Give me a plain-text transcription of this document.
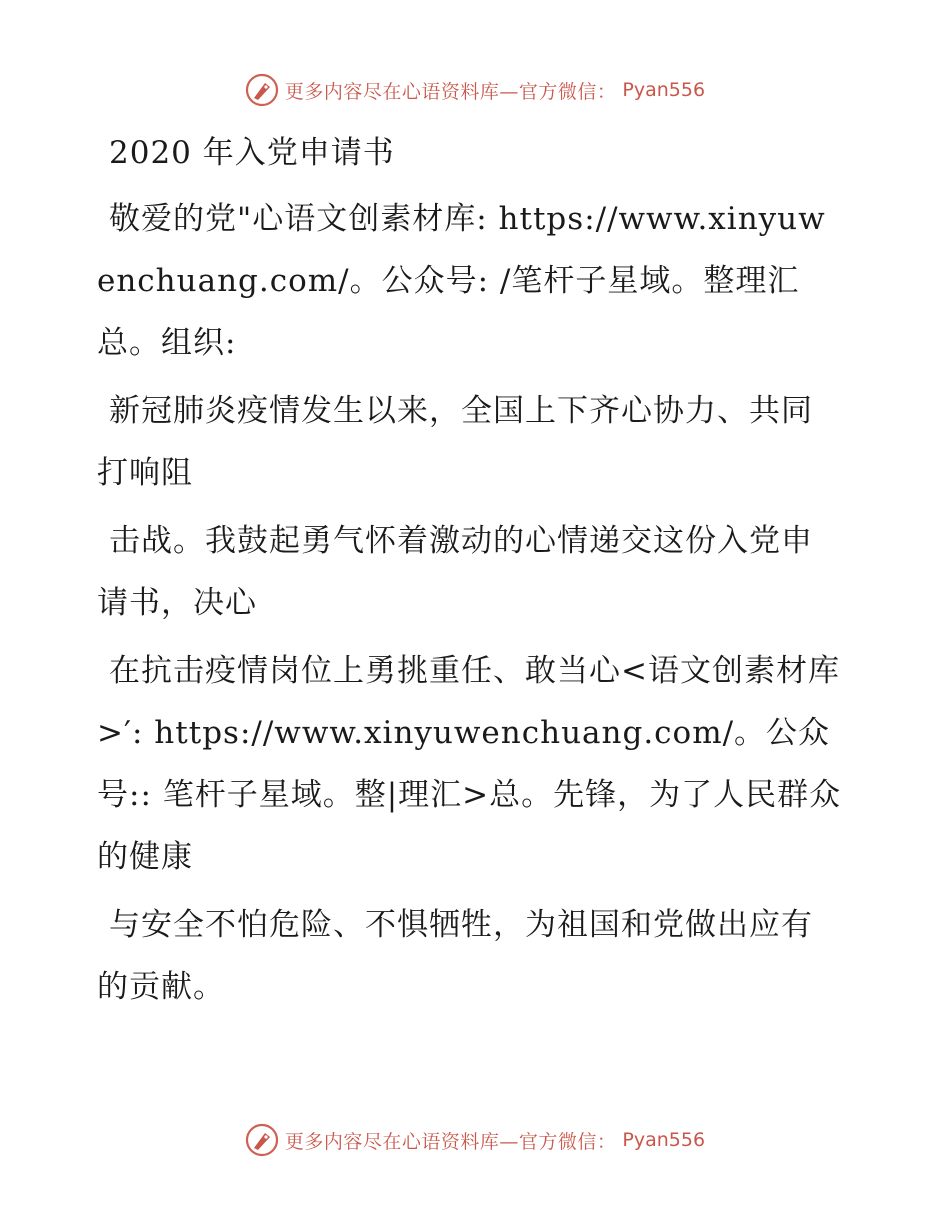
更多内容尽在心语资料库—官方微信： Pyan556

2020 年入党申请书

敬爱的党"心语文创素材库: https://www.xinyuwenchuang.com/。公众号: /笔杆子星域。整理汇总。组织:

新冠肺炎疫情发生以来，全国上下齐心协力、共同打响阻

击战。我鼓起勇气怀着激动的心情递交这份入党申请书，决心

在抗击疫情岗位上勇挑重任、敢当心<语文创素材库>′: https://www.xinyuwenchuang.com/。公众号:: 笔杆子星域。整|理汇>总。先锋，为了人民群众的健康

与安全不怕危险、不惧牺牲，为祖国和党做出应有的贡献。

更多内容尽在心语资料库—官方微信： Pyan556
